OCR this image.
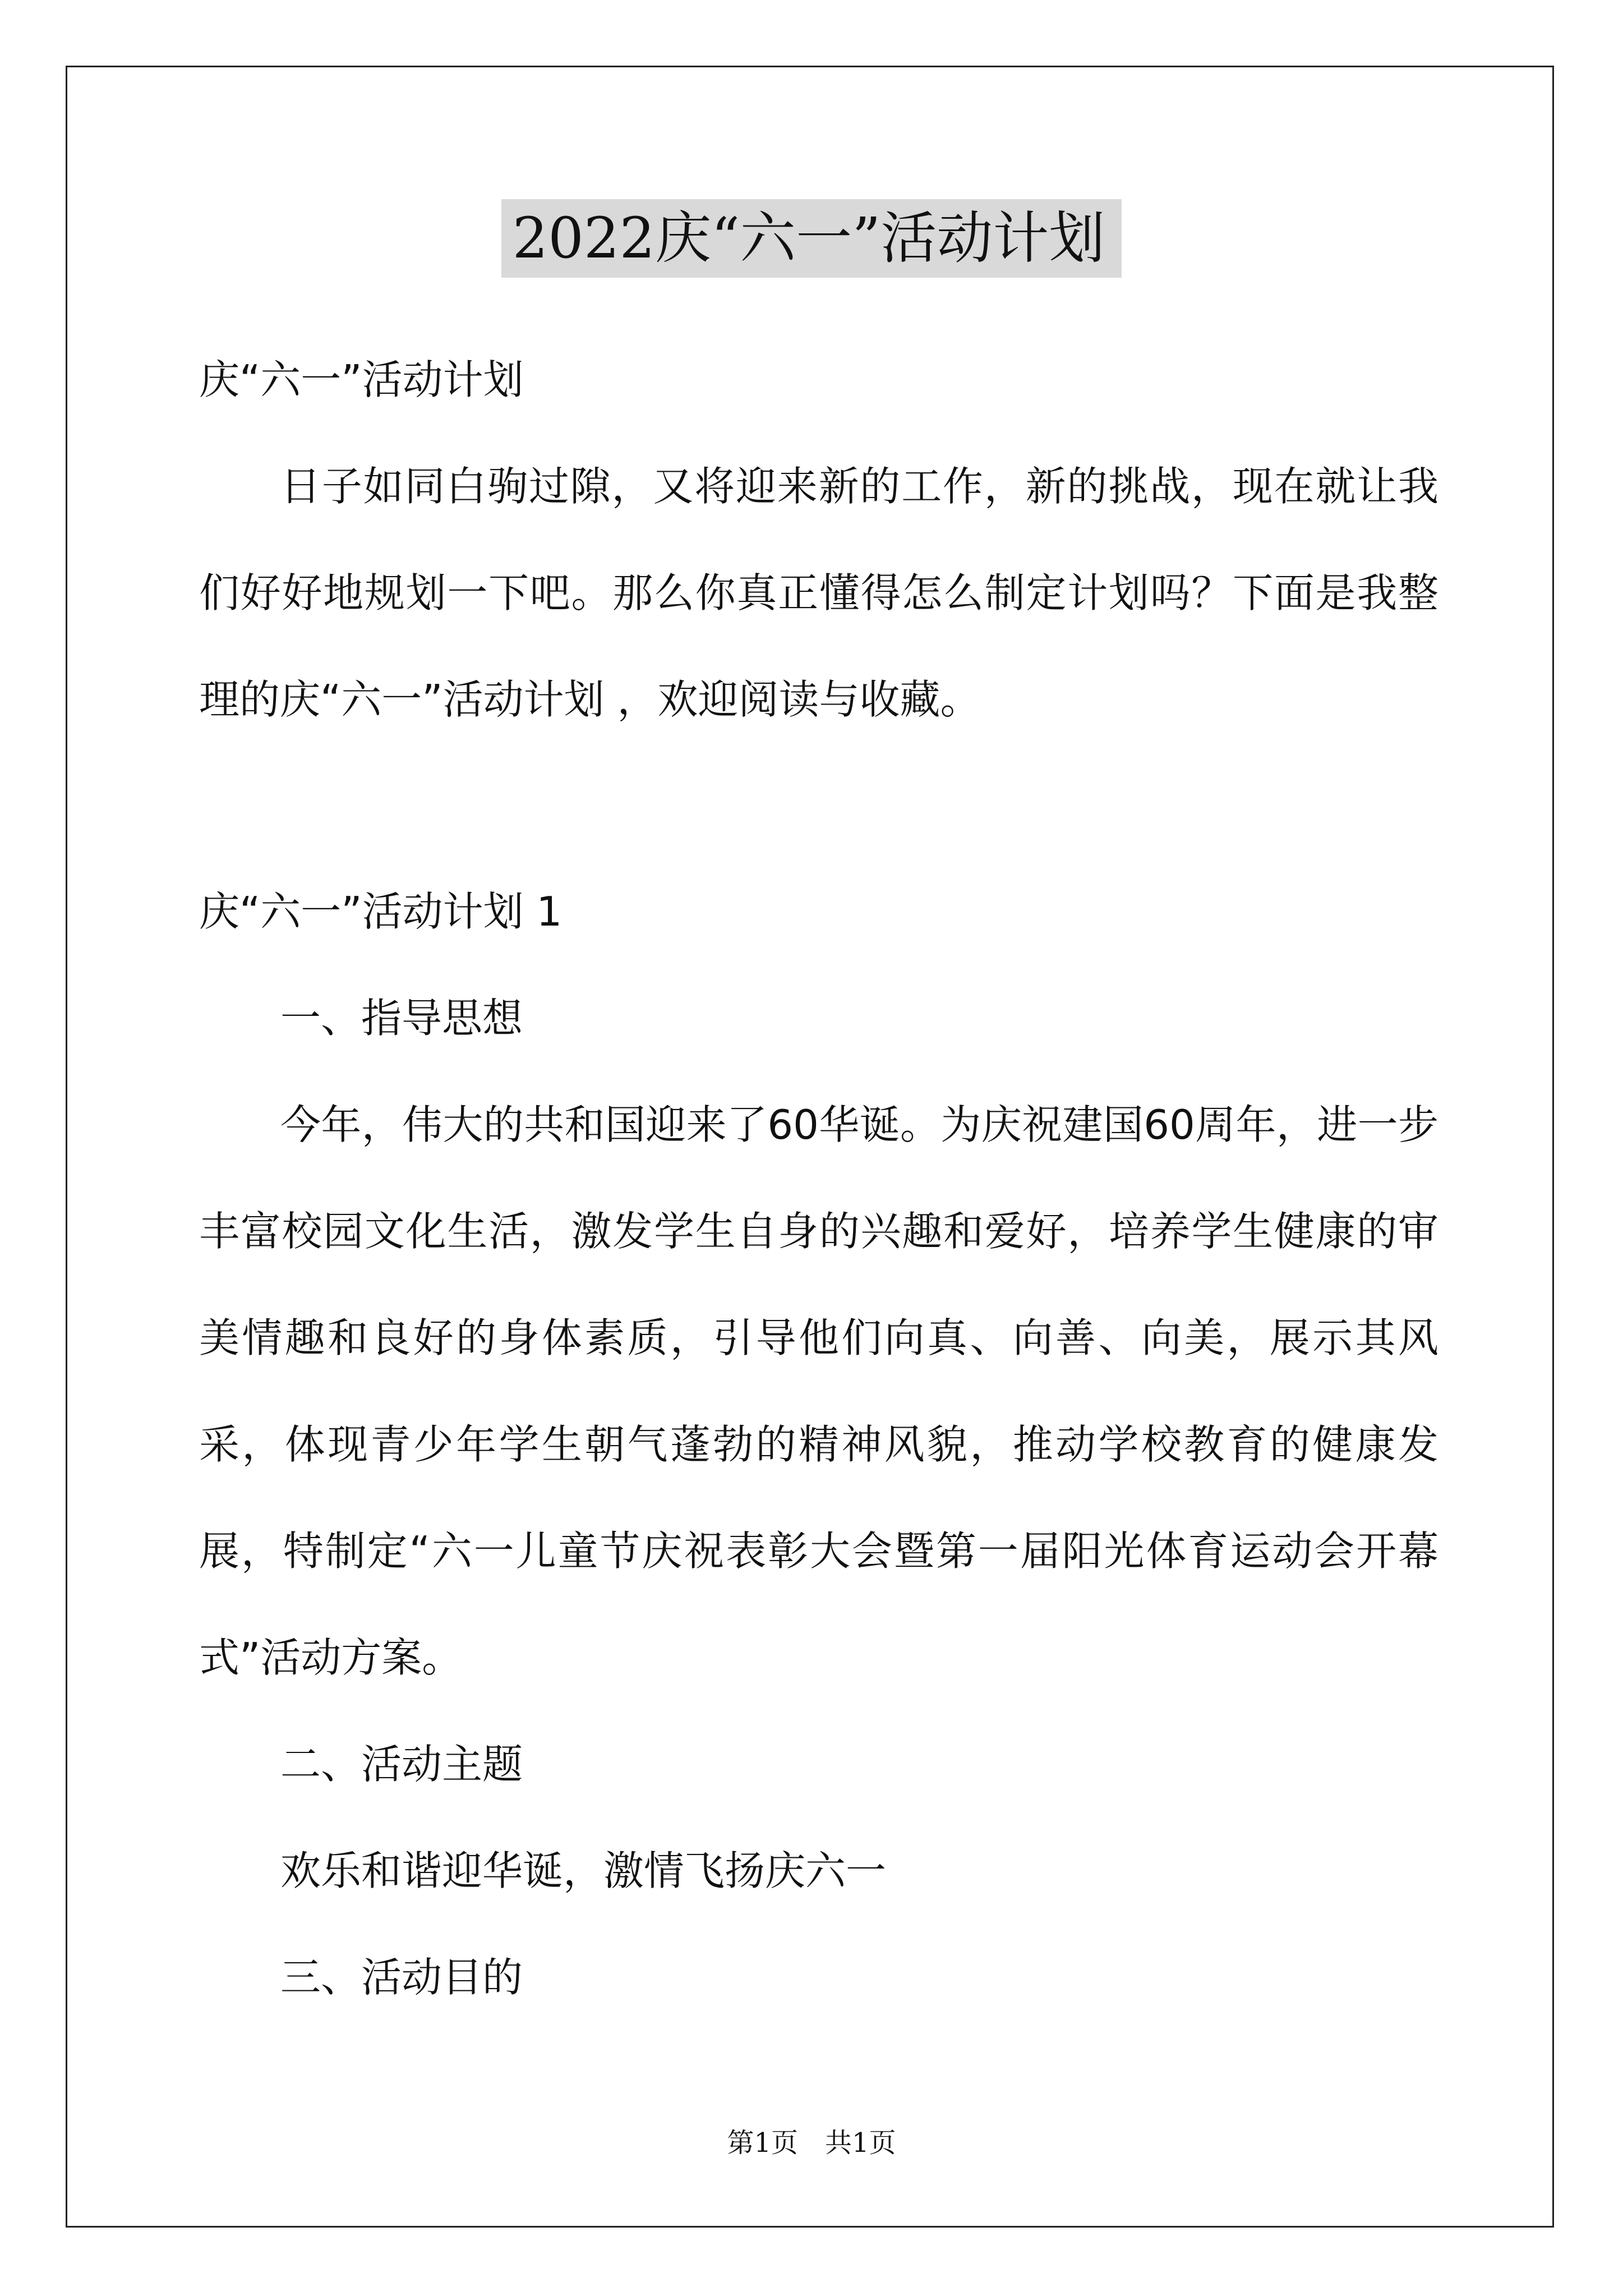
2022庆“六一”活动计划
庆“六一”活动计划
日子如同白驹过隙，又将迎来新的工作，新的挑战，现在就让我们好好地规划一下吧。那么你真正懂得怎么制定计划吗？下面是我整理的庆“六一”活动计划 ，欢迎阅读与收藏。
庆“六一”活动计划 1
一、指导思想
今年，伟大的共和国迎来了60华诞。为庆祝建国60周年，进一步丰富校园文化生活，激发学生自身的兴趣和爱好，培养学生健康的审美情趣和良好的身体素质，引导他们向真、向善、向美，展示其风采，体现青少年学生朝气蓬勃的精神风貌，推动学校教育的健康发展，特制定“六一儿童节庆祝表彰大会暨第一届阳光体育运动会开幕式”活动方案。
二、活动主题
欢乐和谐迎华诞，激情飞扬庆六一
三、活动目的
第1页　共1页
